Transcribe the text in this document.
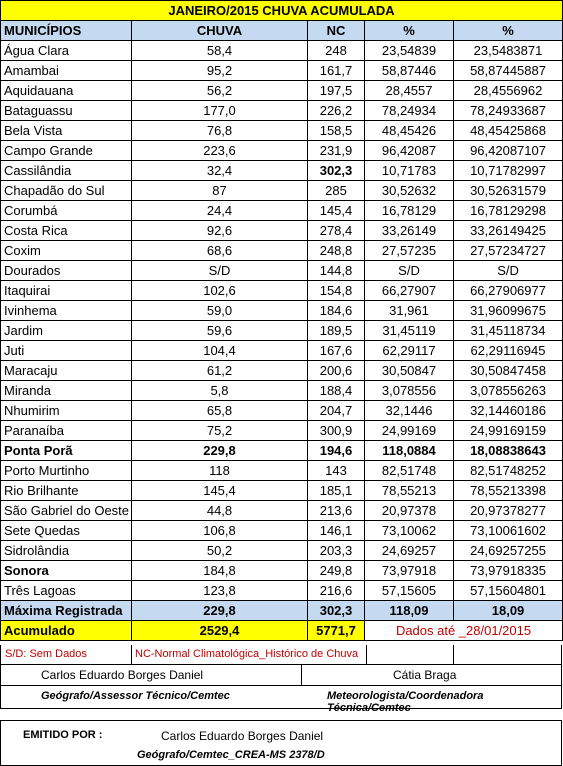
JANEIRO/2015 CHUVA ACUMULADA				
MUNICÍPIOS	CHUVA	NC	%	%
Água Clara	58,4	248	23,54839	23,5483871
Amambai	95,2	161,7	58,87446	58,87445887
Aquidauana	56,2	197,5	28,4557	28,4556962
Bataguassu	177,0	226,2	78,24934	78,24933687
Bela Vista	76,8	158,5	48,45426	48,45425868
Campo Grande	223,6	231,9	96,42087	96,42087107
Cassilândia	32,4	302,3	10,71783	10,71782997
Chapadão do Sul	87	285	30,52632	30,52631579
Corumbá	24,4	145,4	16,78129	16,78129298
Costa Rica	92,6	278,4	33,26149	33,26149425
Coxim	68,6	248,8	27,57235	27,57234727
Dourados	S/D	144,8	S/D	S/D
Itaquirai	102,6	154,8	66,27907	66,27906977
Ivinhema	59,0	184,6	31,961	31,96099675
Jardim	59,6	189,5	31,45119	31,45118734
Juti	104,4	167,6	62,29117	62,29116945
Maracaju	61,2	200,6	30,50847	30,50847458
Miranda	5,8	188,4	3,078556	3,078556263
Nhumirim	65,8	204,7	32,1446	32,14460186
Paranaíba	75,2	300,9	24,99169	24,99169159
Ponta Porã	229,8	194,6	118,0884	18,08838643
Porto Murtinho	118	143	82,51748	82,51748252
Rio Brilhante	145,4	185,1	78,55213	78,55213398
São Gabriel do Oeste	44,8	213,6	20,97378	20,97378277
Sete Quedas	106,8	146,1	73,10062	73,10061602
Sidrolândia	50,2	203,3	24,69257	24,69257255
Sonora	184,8	249,8	73,97918	73,97918335
Três Lagoas	123,8	216,6	57,15605	57,15604801
Máxima Registrada	229,8	302,3	118,09	18,09
Acumulado	2529,4	5771,7	Dados até _28/01/2015	
S/D: Sem Dados	NC-Normal Climatológica_Histórico de Chuva
Carlos Eduardo Borges Daniel	Cátia Braga
Geógrafo/Assessor Técnico/Cemtec	Meteorologista/Coordenadora Técnica/Cemtec
EMITIDO POR :	Carlos Eduardo Borges Daniel
Geógrafo/Cemtec_CREA-MS 2378/D
